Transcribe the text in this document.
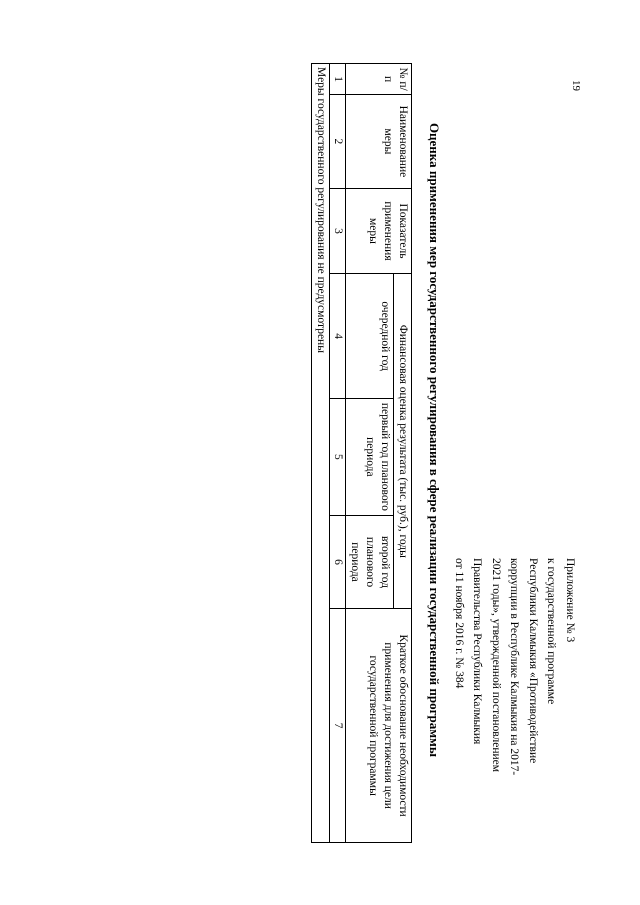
19
Приложение № 3
к государственной программе
Республики Калмыкия «Противодействие
коррупции в Республике Калмыкия на 2017-
2021 годы», утвержденной постановлением
Правительства Республики Калмыкия
от 11 ноября 2016 г. № 384
Оценка применения мер государственного регулирования в сфере реализации государственной программы
№ п/п	Наименование меры	Показатель применения меры	Финансовая оценка результата (тыс. руб.), годы			Краткое обоснование необходимости применения для достижения цели государственной программы
			очередной год	первый год планового периода	второй год планового периода	
1	2	3	4	5	6	7
Меры государственного регулирования не предусмотрены						
